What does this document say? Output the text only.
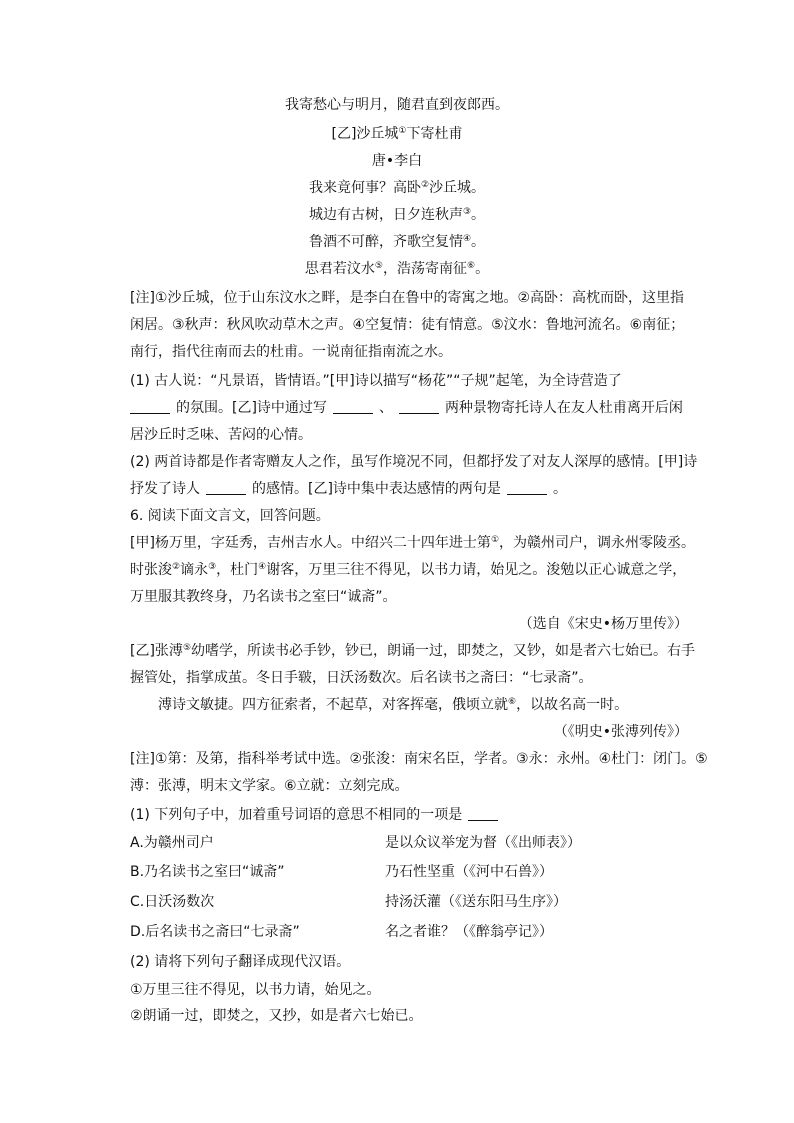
我寄愁心与明月，随君直到夜郎西。
[乙]沙丘城①下寄杜甫
唐•李白
我来竟何事？高卧②沙丘城。
城边有古树，日夕连秋声③。
鲁酒不可醉，齐歌空复情④。
思君若汶水⑤，浩荡寄南征⑥。
[注]①沙丘城，位于山东汶水之畔，是李白在鲁中的寄寓之地。②高卧：高枕而卧，这里指
闲居。③秋声：秋风吹动草木之声。④空复情：徒有情意。⑤汶水：鲁地河流名。⑥南征；
南行，指代往南而去的杜甫。一说南征指南流之水。
(1) 古人说：“凡景语，皆情语。”[甲]诗以描写“杨花”“子规”起笔，为全诗营造了
的氛围。[乙]诗中通过写	、	两种景物寄托诗人在友人杜甫离开后闲
居沙丘时乏味、苦闷的心情。
(2) 两首诗都是作者寄赠友人之作，虽写作境况不同，但都抒发了对友人深厚的感情。[甲]诗
抒发了诗人	的感情。[乙]诗中集中表达感情的两句是	。
6. 阅读下面文言文，回答问题。
[甲]杨万里，字廷秀，吉州吉水人。中绍兴二十四年进士第①，为赣州司户，调永州零陵丞。
时张浚②谪永③，杜门④谢客，万里三往不得见，以书力请，始见之。浚勉以正心诚意之学，
万里服其教终身，乃名读书之室曰“诚斋”。
（选自《宋史•杨万里传》）
[乙]张溥⑤幼嗜学，所读书必手钞，钞已，朗诵一过，即焚之，又钞，如是者六七始已。右手
握管处，指掌成茧。冬日手皲，日沃汤数次。后名读书之斋曰：“七录斋”。
溥诗文敏捷。四方征索者，不起草，对客挥毫，俄顷立就⑥，以故名高一时。
（《明史•张溥列传》）
[注]①第：及第，指科举考试中选。②张浚：南宋名臣，学者。③永：永州。④杜门：闭门。⑤
溥：张溥，明末文学家。⑥立就：立刻完成。
(1) 下列句子中，加着重号词语的意思不相同的一项是
A.为赣州司户	是以众议举宠为督（《出师表》）
B.乃名读书之室曰“诚斋”	乃石性坚重（《河中石兽》）
C.日沃汤数次	持汤沃灌（《送东阳马生序》）
D.后名读书之斋曰“七录斋”	名之者谁？（《醉翁亭记》）
(2) 请将下列句子翻译成现代汉语。
①万里三往不得见，以书力请，始见之。
②朗诵一过，即焚之，又抄，如是者六七始已。
